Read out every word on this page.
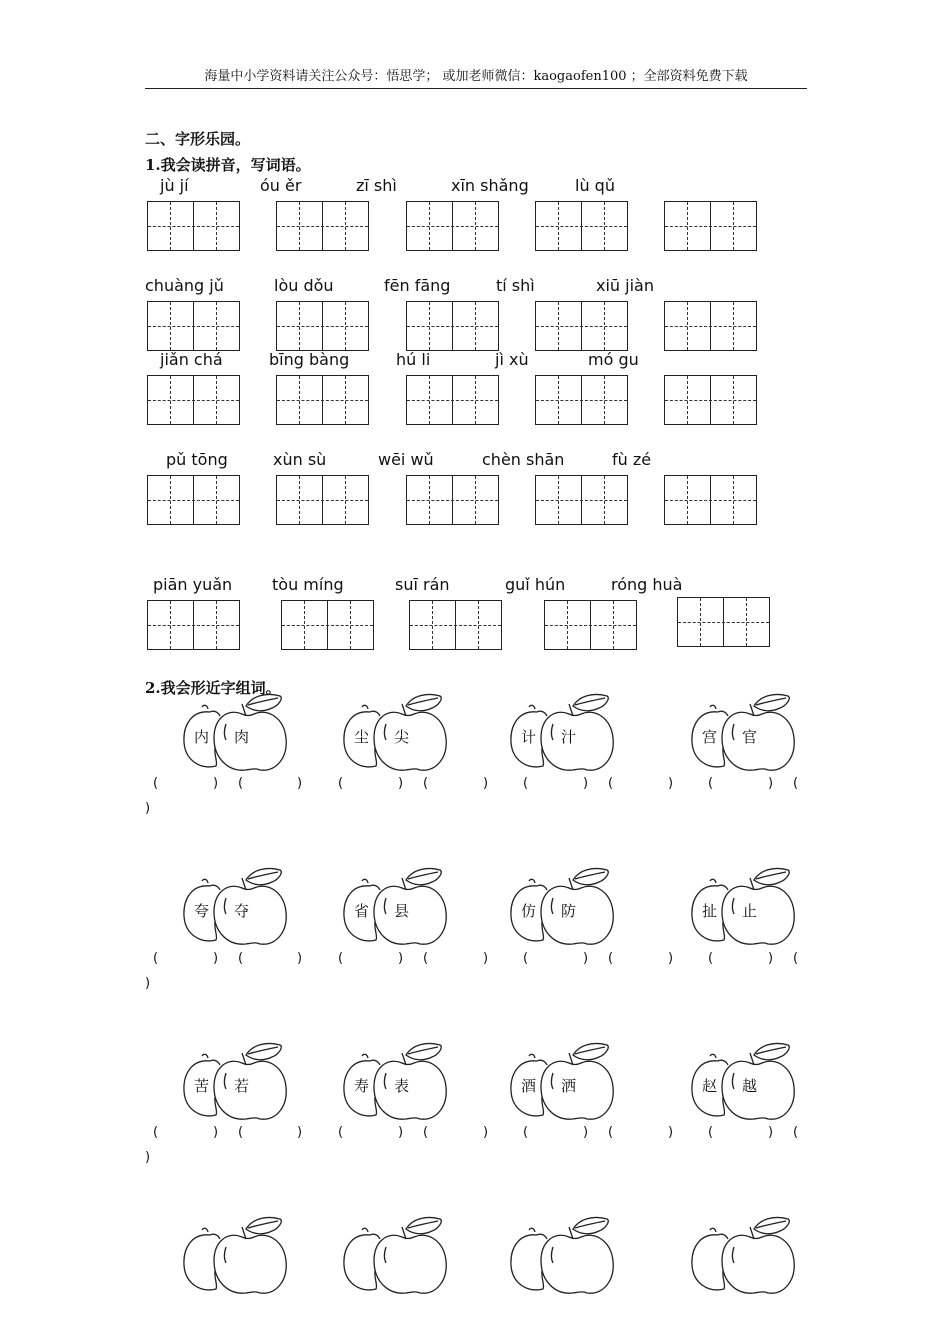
海量中小学资料请关注公众号：悟思学； 或加老师微信：kaogaofen100 ；全部资料免费下载
二、字形乐园。
1.我会读拼音，写词语。
2.我会形近字组词。
jù jí	óu ěr	zī shì	xīn shǎng	lù qǔ
chuàng jǔ	lòu dǒu	fēn fāng	tí shì	xiū jiàn
jiǎn chá	bīng bàng	hú li	jì xù	mó gu
pǔ tōng	xùn sù	wēi wǔ	chèn shān	fù zé
piān yuǎn tòu míng	suī rán	guǐ hún	róng huà
内 肉	尘 尖	计 汁	宫 官
夸 夺	省 县	仿 防	扯 止
苦 若	寿 表	酒 洒	赵 越
(	) (	)	(	) (	)	(	) (	)	(	) (
)
(	) (	)	(	) (	)	(	) (	)	(	) (
)
(	) (	)	(	) (	)	(	) (	)	(	) (
)
